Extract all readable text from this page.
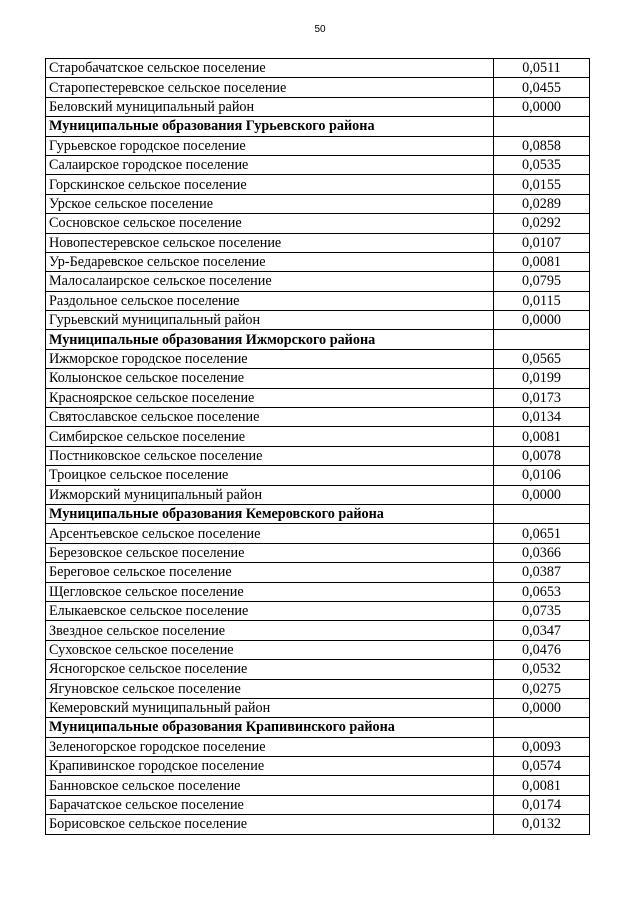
50
Старобачатское сельское поселение	0,0511
Старопестеревское сельское поселение	0,0455
Беловский муниципальный район	0,0000
Муниципальные образования Гурьевского района	
Гурьевское городское поселение	0,0858
Салаирское городское поселение	0,0535
Горскинское сельское поселение	0,0155
Урское сельское поселение	0,0289
Сосновское сельское поселение	0,0292
Новопестеревское сельское поселение	0,0107
Ур-Бедаревское сельское поселение	0,0081
Малосалаирское сельское поселение	0,0795
Раздольное сельское поселение	0,0115
Гурьевский муниципальный район	0,0000
Муниципальные образования Ижморского района	
Ижморское городское поселение	0,0565
Колыонское сельское поселение	0,0199
Красноярское сельское поселение	0,0173
Святославское сельское поселение	0,0134
Симбирское сельское поселение	0,0081
Постниковское сельское поселение	0,0078
Троицкое сельское поселение	0,0106
Ижморский муниципальный район	0,0000
Муниципальные образования Кемеровского района	
Арсентьевское сельское поселение	0,0651
Березовское сельское поселение	0,0366
Береговое сельское поселение	0,0387
Щегловское сельское поселение	0,0653
Елыкаевское сельское поселение	0,0735
Звездное сельское поселение	0,0347
Суховское сельское поселение	0,0476
Ясногорское сельское поселение	0,0532
Ягуновское сельское поселение	0,0275
Кемеровский муниципальный район	0,0000
Муниципальные образования Крапивинского района	
Зеленогорское городское поселение	0,0093
Крапивинское городское поселение	0,0574
Банновское сельское поселение	0,0081
Барачатское сельское поселение	0,0174
Борисовское сельское поселение	0,0132
